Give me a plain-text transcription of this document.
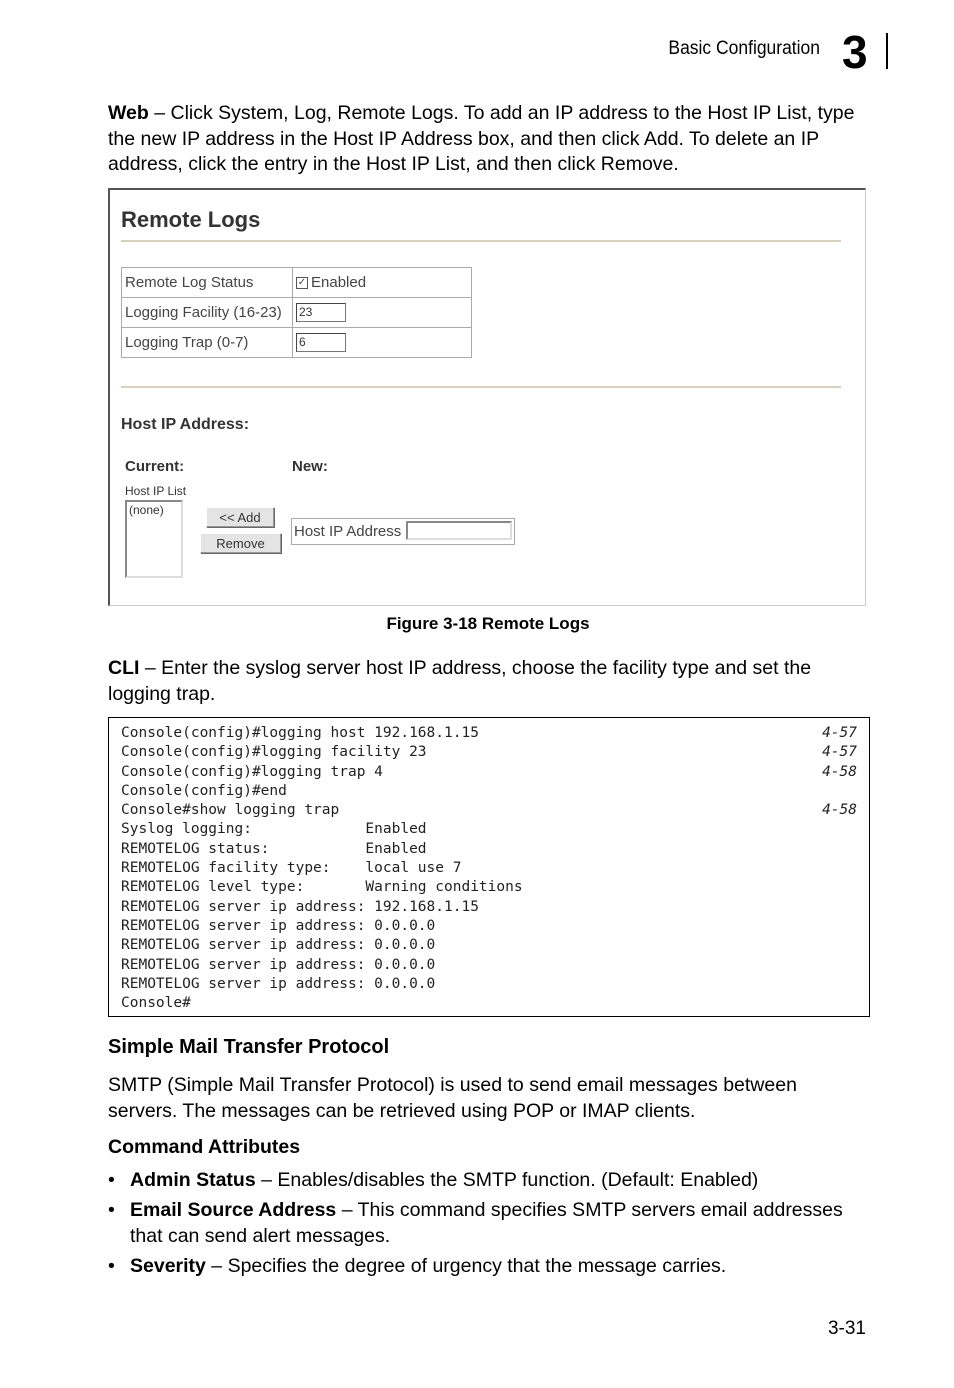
Basic Configuration 3
Web – Click System, Log, Remote Logs. To add an IP address to the Host IP List, type the new IP address in the Host IP Address box, and then click Add. To delete an IP address, click the entry in the Host IP List, and then click Remove.
Remote Logs
Remote Log Status	✓ Enabled
Logging Facility (16-23)	23
Logging Trap (0-7)	6
Host IP Address:
Current:	New:
Host IP List
(none)	<< Add
Remove
Host IP Address
Figure 3-18 Remote Logs
CLI – Enter the syslog server host IP address, choose the facility type and set the logging trap.
Console(config)#logging host 192.168.1.15	4-57
Console(config)#logging facility 23	4-57
Console(config)#logging trap 4	4-58
Console(config)#end
Console#show logging trap	4-58
Syslog logging:             Enabled
REMOTELOG status:           Enabled
REMOTELOG facility type:    local use 7
REMOTELOG level type:       Warning conditions
REMOTELOG server ip address: 192.168.1.15
REMOTELOG server ip address: 0.0.0.0
REMOTELOG server ip address: 0.0.0.0
REMOTELOG server ip address: 0.0.0.0
REMOTELOG server ip address: 0.0.0.0
Console#
Simple Mail Transfer Protocol
SMTP (Simple Mail Transfer Protocol) is used to send email messages between servers. The messages can be retrieved using POP or IMAP clients.
Command Attributes
• Admin Status – Enables/disables the SMTP function. (Default: Enabled)
• Email Source Address – This command specifies SMTP servers email addresses that can send alert messages.
• Severity – Specifies the degree of urgency that the message carries.
3-31
